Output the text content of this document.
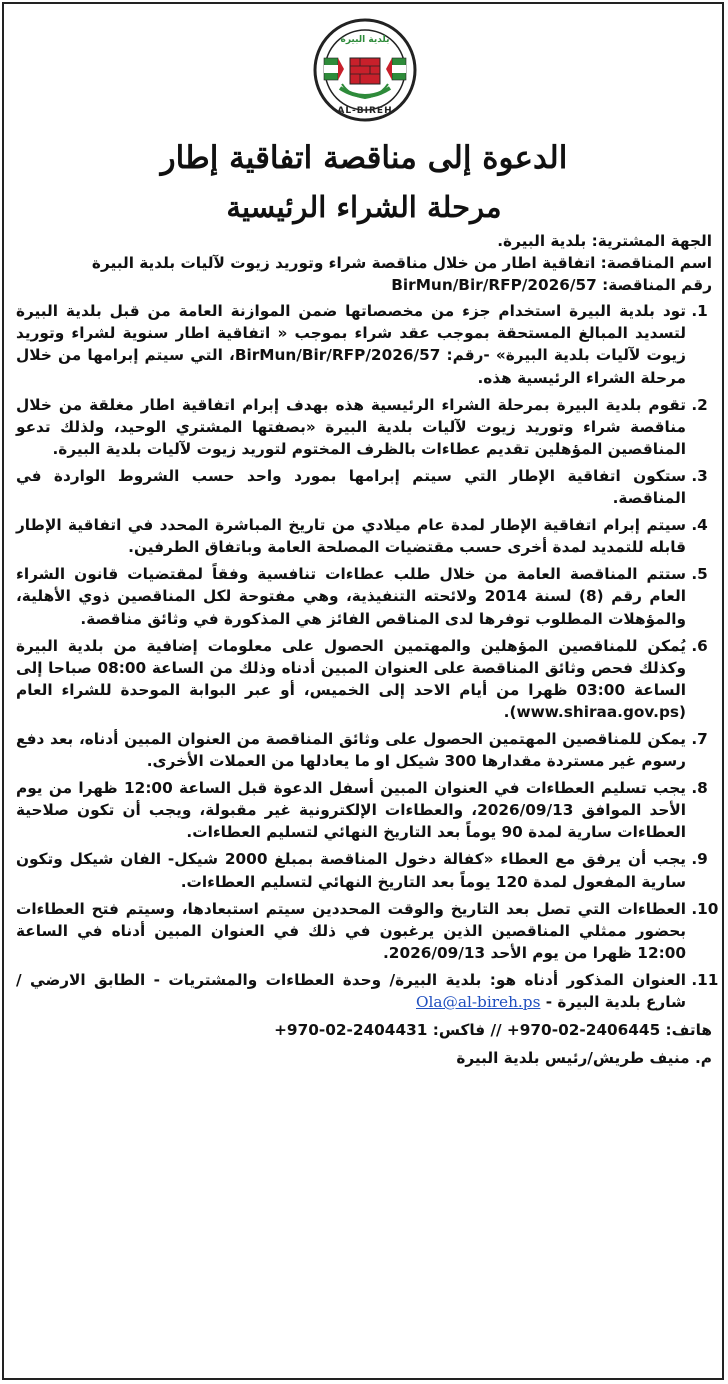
بلدية البيرة
AL-BIREH
الدعوة إلى مناقصة اتفاقية إطار
مرحلة الشراء الرئيسية

الجهة المشترية: بلدية البيرة.

اسم المناقصة: اتفاقية اطار من خلال مناقصة شراء وتوريد زيوت لآليات بلدية البيرة

رقم المناقصة: BirMun/Bir/RFP/2026/57

1. تود بلدية البيرة استخدام جزء من مخصصاتها ضمن الموازنة العامة من قبل بلدية البيرة لتسديد المبالغ المستحقة بموجب عقد شراء بموجب « اتفاقية اطار سنوية لشراء وتوريد زيوت لآليات بلدية البيرة» -رقم: BirMun/Bir/RFP/2026/57، التي سيتم إبرامها من خلال مرحلة الشراء الرئيسية هذه.
2. تقوم بلدية البيرة بمرحلة الشراء الرئيسية هذه بهدف إبرام اتفاقية اطار مغلقة من خلال مناقصة شراء وتوريد زيوت لآليات بلدية البيرة «بصفتها المشتري الوحيد، ولذلك تدعو المناقصين المؤهلين تقديم عطاءات بالظرف المختوم لتوريد زيوت لآليات بلدية البيرة.
3. ستكون اتفاقية الإطار التي سيتم إبرامها بمورد واحد حسب الشروط الواردة في المناقصة.
4. سيتم إبرام اتفاقية الإطار لمدة عام ميلادي من تاريخ المباشرة المحدد في اتفاقية الإطار قابله للتمديد لمدة أخرى حسب مقتضيات المصلحة العامة وباتفاق الطرفين.
5. ستتم المناقصة العامة من خلال طلب عطاءات تنافسية وفقاً لمقتضيات قانون الشراء العام رقم (8) لسنة 2014 ولائحته التنفيذية، وهي مفتوحة لكل المناقصين ذوي الأهلية، والمؤهلات المطلوب توفرها لدى المناقص الفائز هي المذكورة في وثائق مناقصة.
6. يُمكن للمناقصين المؤهلين والمهتمين الحصول على معلومات إضافية من بلدية البيرة وكذلك فحص وثائق المناقصة على العنوان المبين أدناه وذلك من الساعة 08:00 صباحا إلى الساعة 03:00 ظهرا من أيام الاحد إلى الخميس، أو عبر البوابة الموحدة للشراء العام (www.shiraa.gov.ps).
7. يمكن للمناقصين المهتمين الحصول على وثائق المناقصة من العنوان المبين أدناه، بعد دفع رسوم غير مستردة مقدارها 300 شيكل او ما يعادلها من العملات الأخرى.
8. يجب تسليم العطاءات في العنوان المبين أسفل الدعوة قبل الساعة 12:00 ظهرا من يوم الأحد الموافق 2026/09/13، والعطاءات الإلكترونية غير مقبولة، ويجب أن تكون صلاحية العطاءات سارية لمدة 90 يوماً بعد التاريخ النهائي لتسليم العطاءات.
9. يجب أن يرفق مع العطاء «كفالة دخول المناقصة بمبلغ 2000 شيكل- الفان شيكل وتكون سارية المفعول لمدة 120 يوماً بعد التاريخ النهائي لتسليم العطاءات.
10. العطاءات التي تصل بعد التاريخ والوقت المحددين سيتم استبعادها، وسيتم فتح العطاءات بحضور ممثلي المناقصين الذين يرغبون في ذلك في العنوان المبين أدناه في الساعة 12:00 ظهرا من يوم الأحد 2026/09/13.
11. العنوان المذكور أدناه هو: بلدية البيرة/ وحدة العطاءات والمشتريات - الطابق الارضي /شارع بلدية البيرة - Ola@al-bireh.ps

هاتف: 2406445-02-970+ // فاكس: 2404431-02-970+

م. منيف طريش/رئيس بلدية البيرة
